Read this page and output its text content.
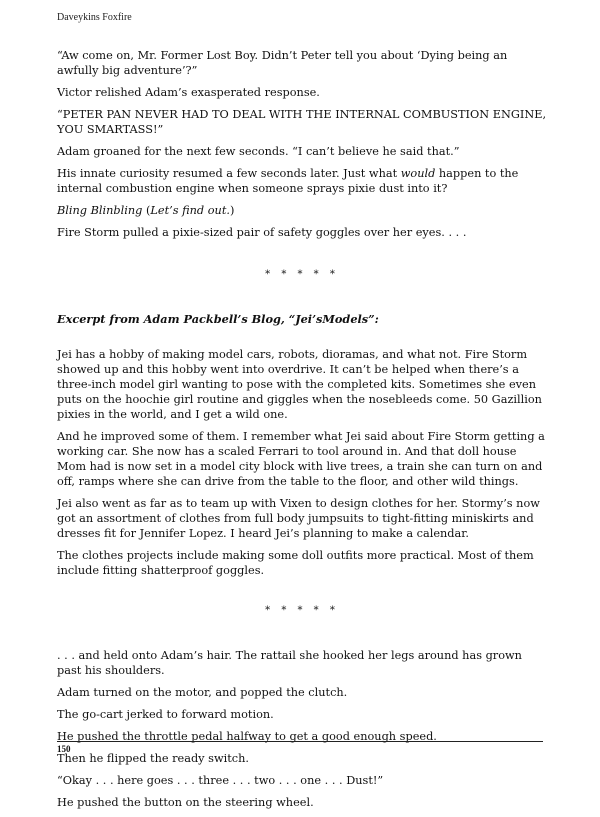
Daveykins Foxfire

“Aw come on, Mr. Former Lost Boy. Didn’t Peter tell you about ‘Dying being an awfully big adventure’?”

Victor relished Adam’s exasperated response.

“PETER PAN NEVER HAD TO DEAL WITH THE INTERNAL COMBUSTION ENGINE, YOU SMARTASS!”

Adam groaned for the next few seconds. “I can’t believe he said that.”

His innate curiosity resumed a few seconds later. Just what would happen to the internal combustion engine when someone sprays pixie dust into it?

Bling Blinbling (Let’s find out.)

Fire Storm pulled a pixie-sized pair of safety goggles over her eyes. . . .

* * * * *

Excerpt from Adam Packbell’s Blog, “Jei’sModels”:

Jei has a hobby of making model cars, robots, dioramas, and what not. Fire Storm showed up and this hobby went into overdrive. It can’t be helped when there’s a three-inch model girl wanting to pose with the completed kits. Sometimes she even puts on the hoochie girl routine and giggles when the nosebleeds come. 50 Gazillion pixies in the world, and I get a wild one.

And he improved some of them. I remember what Jei said about Fire Storm getting a working car. She now has a scaled Ferrari to tool around in. And that doll house Mom had is now set in a model city block with live trees, a train she can turn on and off, ramps where she can drive from the table to the floor, and other wild things.

Jei also went as far as to team up with Vixen to design clothes for her. Stormy’s now got an assortment of clothes from full body jumpsuits to tight-fitting miniskirts and dresses fit for Jennifer Lopez. I heard Jei’s planning to make a calendar.

The clothes projects include making some doll outfits more practical. Most of them include fitting shatterproof goggles.

* * * * *

. . . and held onto Adam’s hair. The rattail she hooked her legs around has grown past his shoulders.

Adam turned on the motor, and popped the clutch.

The go-cart jerked to forward motion.

He pushed the throttle pedal halfway to get a good enough speed.

Then he flipped the ready switch.

“Okay . . . here goes . . . three . . . two . . . one . . . Dust!”

He pushed the button on the steering wheel.

150
